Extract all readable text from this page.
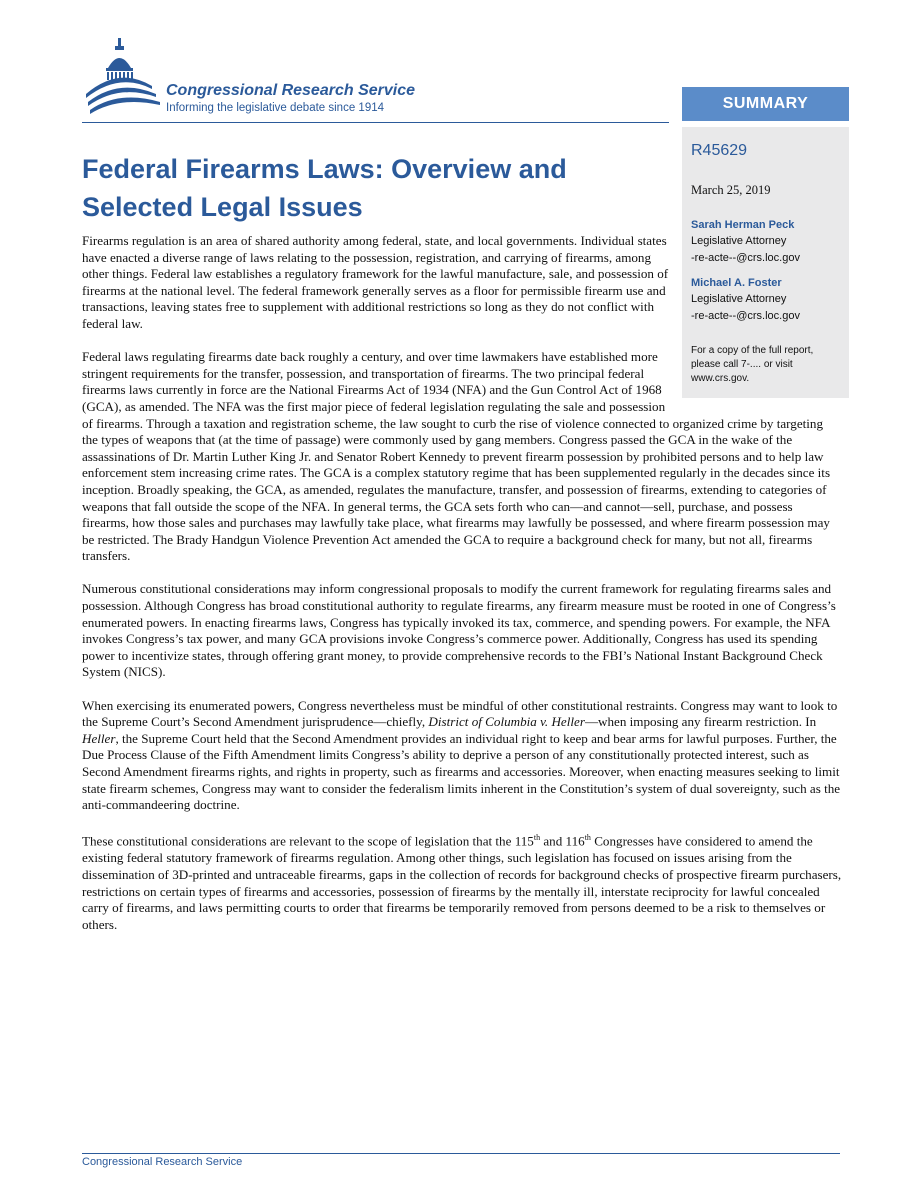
Congressional Research Service
Informing the legislative debate since 1914	SUMMARY
R45629
March 25, 2019
Sarah Herman Peck
Legislative Attorney
-re-acte--@crs.loc.gov
Michael A. Foster
Legislative Attorney
-re-acte--@crs.loc.gov
For a copy of the full report, please call 7-.... or visit www.crs.gov.
Federal Firearms Laws: Overview and Selected Legal Issues

Firearms regulation is an area of shared authority among federal, state, and local governments. Individual states have enacted a diverse range of laws relating to the possession, registration, and carrying of firearms, among other things. Federal law establishes a regulatory framework for the lawful manufacture, sale, and possession of firearms at the national level. The federal framework generally serves as a floor for permissible firearm use and transactions, leaving states free to supplement with additional restrictions so long as they do not conflict with federal law.

Federal laws regulating firearms date back roughly a century, and over time lawmakers have established more stringent requirements for the transfer, possession, and transportation of firearms. The two principal federal firearms laws currently in force are the National Firearms Act of 1934 (NFA) and the Gun Control Act of 1968 (GCA), as amended. The NFA was the first major piece of federal legislation regulating the sale and possession of firearms. Through a taxation and registration scheme, the law sought to curb the rise of violence connected to organized crime by targeting the types of weapons that (at the time of passage) were commonly used by gang members. Congress passed the GCA in the wake of the assassinations of Dr. Martin Luther King Jr. and Senator Robert Kennedy to prevent firearm possession by prohibited persons and to help law enforcement stem increasing crime rates. The GCA is a complex statutory regime that has been supplemented regularly in the decades since its inception. Broadly speaking, the GCA, as amended, regulates the manufacture, transfer, and possession of firearms, extending to categories of weapons that fall outside the scope of the NFA. In general terms, the GCA sets forth who can—and cannot—sell, purchase, and possess firearms, how those sales and purchases may lawfully take place, what firearms may lawfully be possessed, and where firearm possession may be restricted. The Brady Handgun Violence Prevention Act amended the GCA to require a background check for many, but not all, firearms transfers.

Numerous constitutional considerations may inform congressional proposals to modify the current framework for regulating firearms sales and possession. Although Congress has broad constitutional authority to regulate firearms, any firearm measure must be rooted in one of Congress’s enumerated powers. In enacting firearms laws, Congress has typically invoked its tax, commerce, and spending powers. For example, the NFA invokes Congress’s tax power, and many GCA provisions invoke Congress’s commerce power. Additionally, Congress has used its spending power to incentivize states, through offering grant money, to provide comprehensive records to the FBI’s National Instant Background Check System (NICS).

When exercising its enumerated powers, Congress nevertheless must be mindful of other constitutional restraints. Congress may want to look to the Supreme Court’s Second Amendment jurisprudence—chiefly, District of Columbia v. Heller—when imposing any firearm restriction. In Heller, the Supreme Court held that the Second Amendment provides an individual right to keep and bear arms for lawful purposes. Further, the Due Process Clause of the Fifth Amendment limits Congress’s ability to deprive a person of any constitutionally protected interest, such as Second Amendment firearms rights, and rights in property, such as firearms and accessories. Moreover, when enacting measures seeking to limit state firearm schemes, Congress may want to consider the federalism limits inherent in the Constitution’s system of dual sovereignty, such as the anti-commandeering doctrine.

These constitutional considerations are relevant to the scope of legislation that the 115th and 116th Congresses have considered to amend the existing federal statutory framework of firearms regulation. Among other things, such legislation has focused on issues arising from the dissemination of 3D-printed and untraceable firearms, gaps in the collection of records for background checks of prospective firearm purchasers, restrictions on certain types of firearms and accessories, possession of firearms by the mentally ill, interstate reciprocity for lawful concealed carry of firearms, and laws permitting courts to order that firearms be temporarily removed from persons deemed to be a risk to themselves or others.

Congressional Research Service
